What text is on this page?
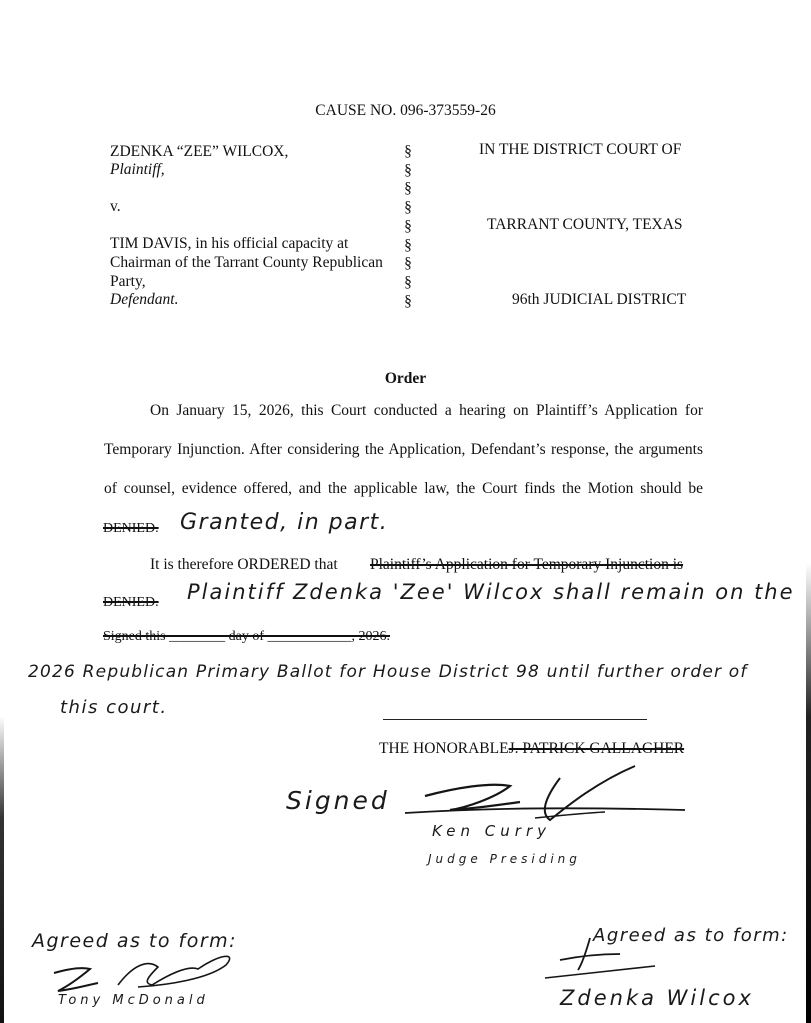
CAUSE NO. 096-373559-26
ZDENKA “ZEE” WILCOX,
Plaintiff,
v.
TIM DAVIS, in his official capacity at
Chairman of the Tarrant County Republican
Party,
Defendant.
§
§
§
§
§
§
§
§
§
IN THE DISTRICT COURT OF
TARRANT COUNTY, TEXAS
96th JUDICIAL DISTRICT
Order
On January 15, 2026, this Court conducted a hearing on Plaintiff’s Application for
Temporary Injunction. After considering the Application, Defendant’s response, the arguments
of counsel, evidence offered, and the applicable law, the Court finds the Motion should be
DENIED. Granted, in part.
It is therefore ORDERED that Plaintiff’s Application for Temporary Injunction is
DENIED. Plaintiff Zdenka 'Zee' Wilcox shall remain on the
Signed this ________ day of ____________, 2026.
2026 Republican Primary Ballot for House District 98 until further order of
this court.
THE HONORABLEJ. PATRICK GALLAGHER
Signed
Ken Curry
Judge Presiding
Agreed as to form:
Tony McDonald
Agreed as to form:
Zdenka Wilcox
